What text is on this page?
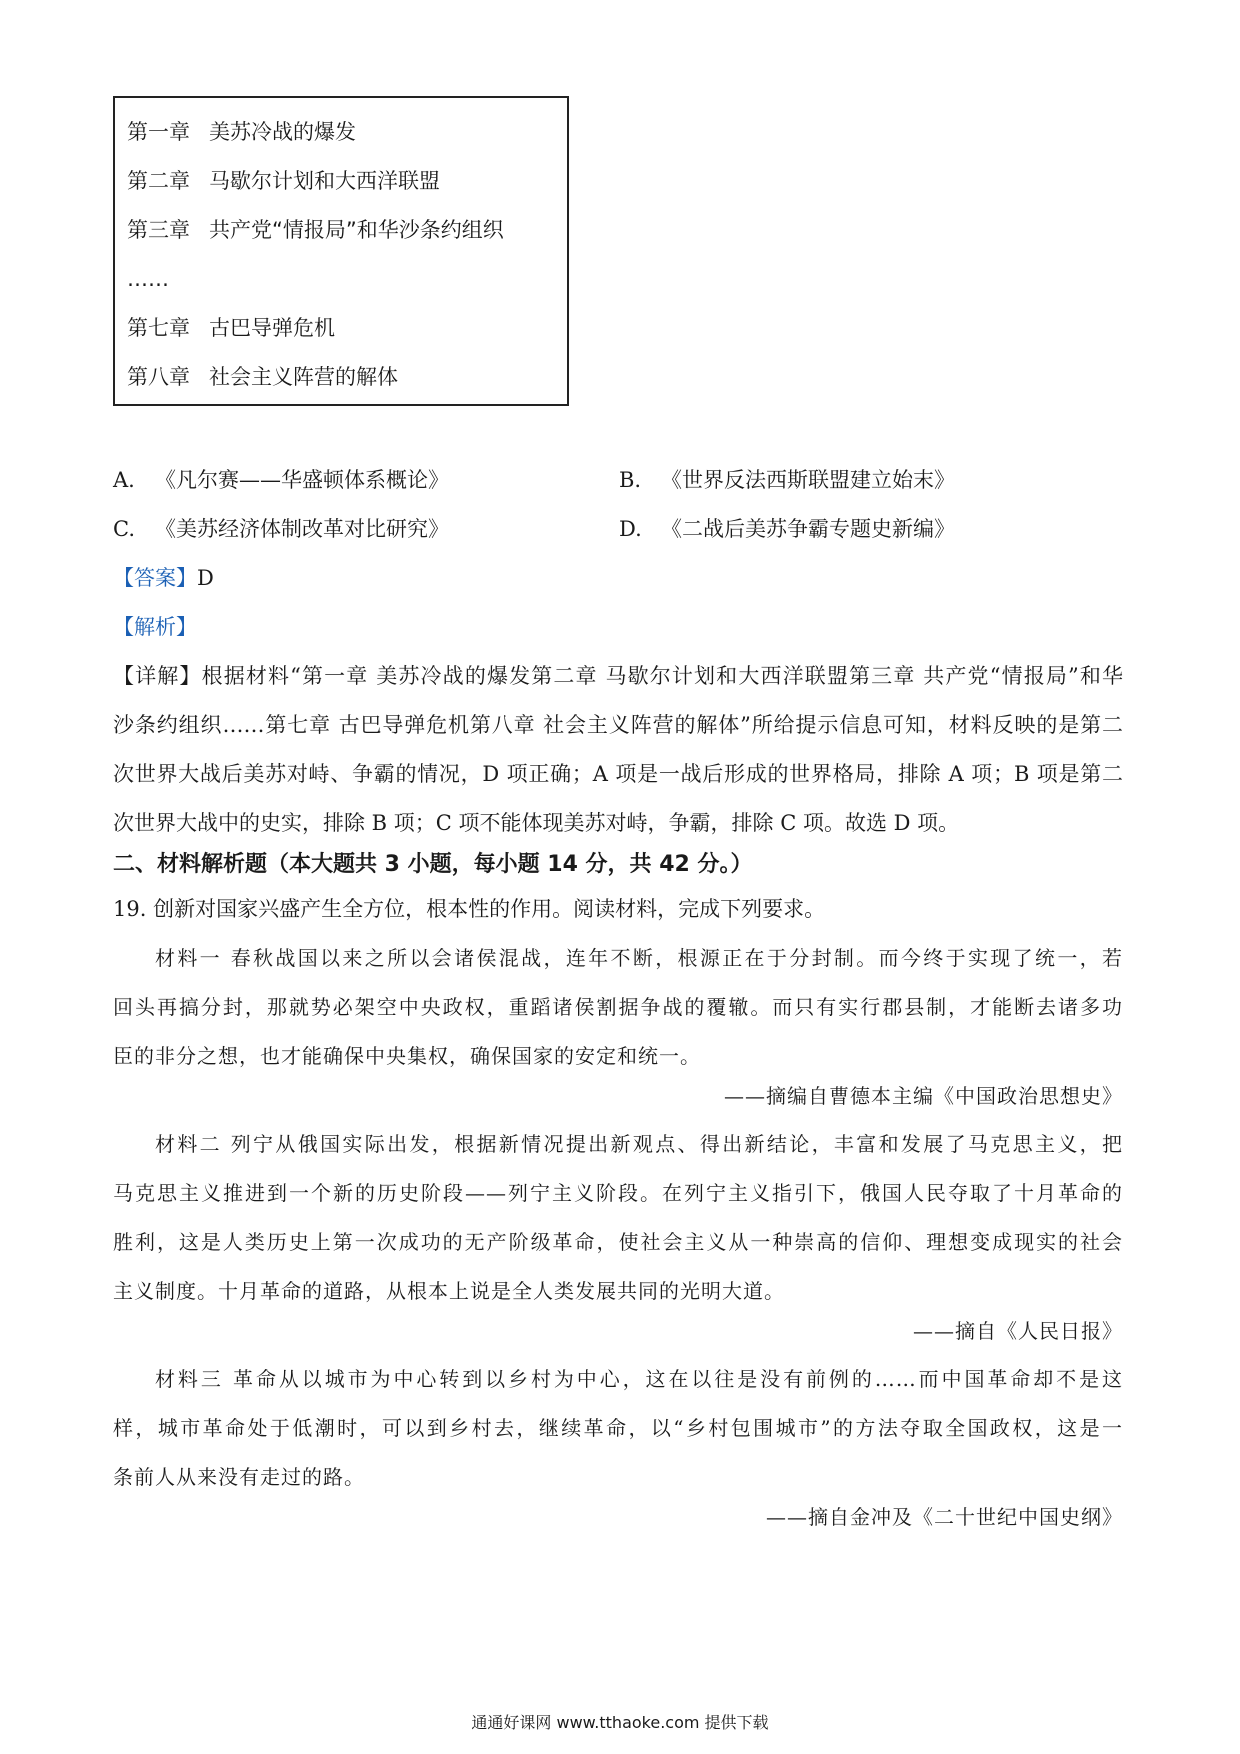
第一章 美苏冷战的爆发
第二章 马歇尔计划和大西洋联盟
第三章 共产党“情报局”和华沙条约组织
……
第七章 古巴导弹危机
第八章 社会主义阵营的解体
A. 《凡尔赛——华盛顿体系概论》	B. 《世界反法西斯联盟建立始末》
C. 《美苏经济体制改革对比研究》	D. 《二战后美苏争霸专题史新编》
【答案】D
【解析】
【详解】根据材料“第一章 美苏冷战的爆发第二章 马歇尔计划和大西洋联盟第三章 共产党“情报局”和华
沙条约组织……第七章 古巴导弹危机第八章 社会主义阵营的解体”所给提示信息可知，材料反映的是第二
次世界大战后美苏对峙、争霸的情况，D 项正确；A 项是一战后形成的世界格局，排除 A 项；B 项是第二
次世界大战中的史实，排除 B 项；C 项不能体现美苏对峙，争霸，排除 C 项。故选 D 项。
二、材料解析题（本大题共 3 小题，每小题 14 分，共 42 分。）
19. 创新对国家兴盛产生全方位，根本性的作用。阅读材料，完成下列要求。
材料一 春秋战国以来之所以会诸侯混战，连年不断，根源正在于分封制。而今终于实现了统一，若
回头再搞分封，那就势必架空中央政权，重蹈诸侯割据争战的覆辙。而只有实行郡县制，才能断去诸多功
臣的非分之想，也才能确保中央集权，确保国家的安定和统一。
——摘编自曹德本主编《中国政治思想史》
材料二 列宁从俄国实际出发，根据新情况提出新观点、得出新结论，丰富和发展了马克思主义，把
马克思主义推进到一个新的历史阶段——列宁主义阶段。在列宁主义指引下，俄国人民夺取了十月革命的
胜利，这是人类历史上第一次成功的无产阶级革命，使社会主义从一种崇高的信仰、理想变成现实的社会
主义制度。十月革命的道路，从根本上说是全人类发展共同的光明大道。
——摘自《人民日报》
材料三 革命从以城市为中心转到以乡村为中心，这在以往是没有前例的……而中国革命却不是这
样，城市革命处于低潮时，可以到乡村去，继续革命，以“乡村包围城市”的方法夺取全国政权，这是一
条前人从来没有走过的路。
——摘自金冲及《二十世纪中国史纲》
通通好课网 www.tthaoke.com 提供下载
